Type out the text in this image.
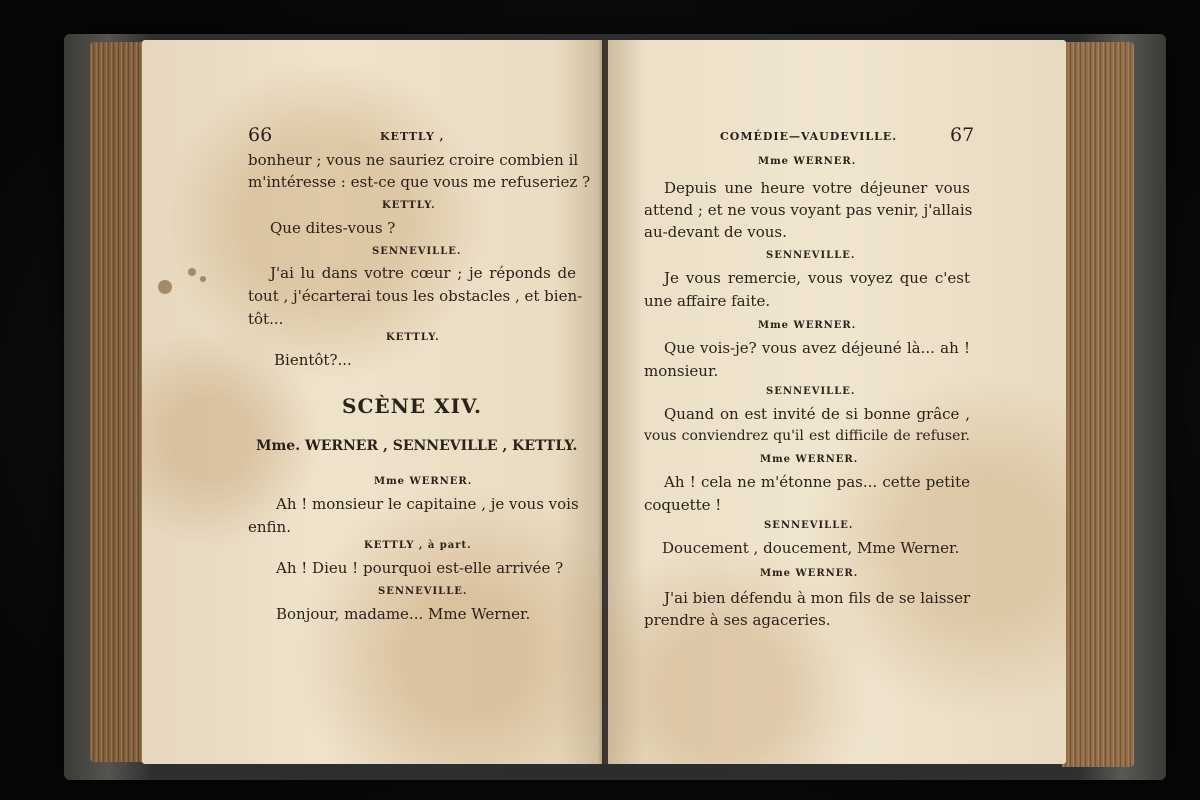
66	KETTLY ,
bonheur ; vous ne sauriez croire combien il
m'intéresse : est-ce que vous me refuseriez ?
KETTLY.
Que dites-vous ?
SENNEVILLE.
J'ai lu dans votre cœur ; je réponds de
tout , j'écarterai tous les obstacles , et bien-
tôt...
KETTLY.
Bientôt?...
SCÈNE XIV.
Mme. WERNER , SENNEVILLE , KETTLY.
Mme WERNER.
Ah ! monsieur le capitaine , je vous vois
enfin.
KETTLY , à part.
Ah ! Dieu ! pourquoi est-elle arrivée ?
SENNEVILLE.
Bonjour, madame... Mme Werner.
COMÉDIE—VAUDEVILLE.	67
Mme WERNER.
Depuis une heure votre déjeuner vous
attend ; et ne vous voyant pas venir, j'allais
au-devant de vous.
SENNEVILLE.
Je vous remercie, vous voyez que c'est
une affaire faite.
Mme WERNER.
Que vois-je? vous avez déjeuné là... ah !
monsieur.
SENNEVILLE.
Quand on est invité de si bonne grâce ,
vous conviendrez qu'il est difficile de refuser.
Mme WERNER.
Ah ! cela ne m'étonne pas... cette petite
coquette !
SENNEVILLE.
Doucement , doucement, Mme Werner.
Mme WERNER.
J'ai bien défendu à mon fils de se laisser
prendre à ses agaceries.
